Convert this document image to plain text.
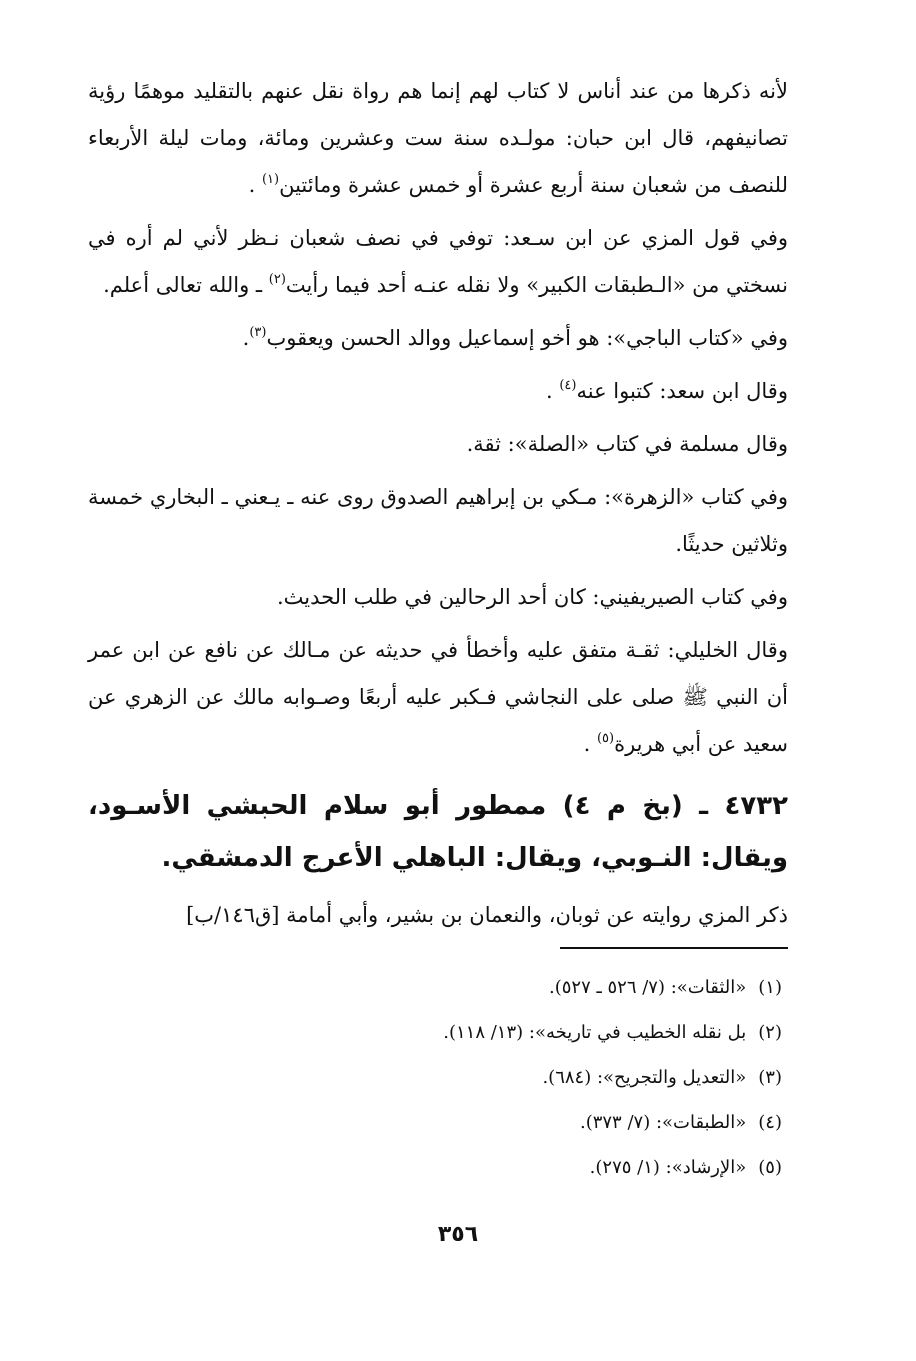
لأنه ذكرها من عند أناس لا كتاب لهم إنما هم رواة نقل عنهم بالتقليد موهمًا رؤية تصانيفهم، قال ابن حبان: مولـده سنة ست وعشرين ومائة، ومات ليلة الأربعاء للنصف من شعبان سنة أربع عشرة أو خمس عشرة ومائتين$^{(١)}$ .

وفي قول المزي عن ابن سـعد: توفي في نصف شعبان نـظر لأني لم أره في نسختي من «الـطبقات الكبير» ولا نقله عنـه أحد فيما رأيت$^{(٢)}$ ـ والله تعالى أعلم.

وفي «كتاب الباجي»: هو أخو إسماعيل ووالد الحسن ويعقوب$^{(٣)}$.

وقال ابن سعد: كتبوا عنه$^{(٤)}$ .

وقال مسلمة في كتاب «الصلة»: ثقة.

وفي كتاب «الزهرة»: مـكي بن إبراهيم الصدوق روى عنه ـ يـعني ـ البخاري خمسة وثلاثين حديثًا.

وفي كتاب الصيريفيني: كان أحد الرحالين في طلب الحديث.

وقال الخليلي: ثقـة متفق عليه وأخطأ في حديثه عن مـالك عن نافع عن ابن عمر أن النبي ﷺ صلى على النجاشي فـكبر عليه أربعًا وصـوابه مالك عن الزهري عن سعيد عن أبي هريرة$^{(٥)}$ .

٤٧٣٢ ـ (بخ م ٤) ممطور أبو سلام الحبشي الأسـود، ويقال: النـوبي، ويقال: الباهلي الأعرج الدمشقي.

ذكر المزي روايته عن ثوبان، والنعمان بن بشير، وأبي أمامة [ق١٤٦/ب]

(١)«الثقات»: (٧/ ٥٢٦ ـ ٥٢٧).
(٢)بل نقله الخطيب في تاريخه»: (١٣/ ١١٨).
(٣)«التعديل والتجريح»: (٦٨٤).
(٤)«الطبقات»: (٧/ ٣٧٣).
(٥)«الإرشاد»: (١/ ٢٧٥).
٣٥٦
